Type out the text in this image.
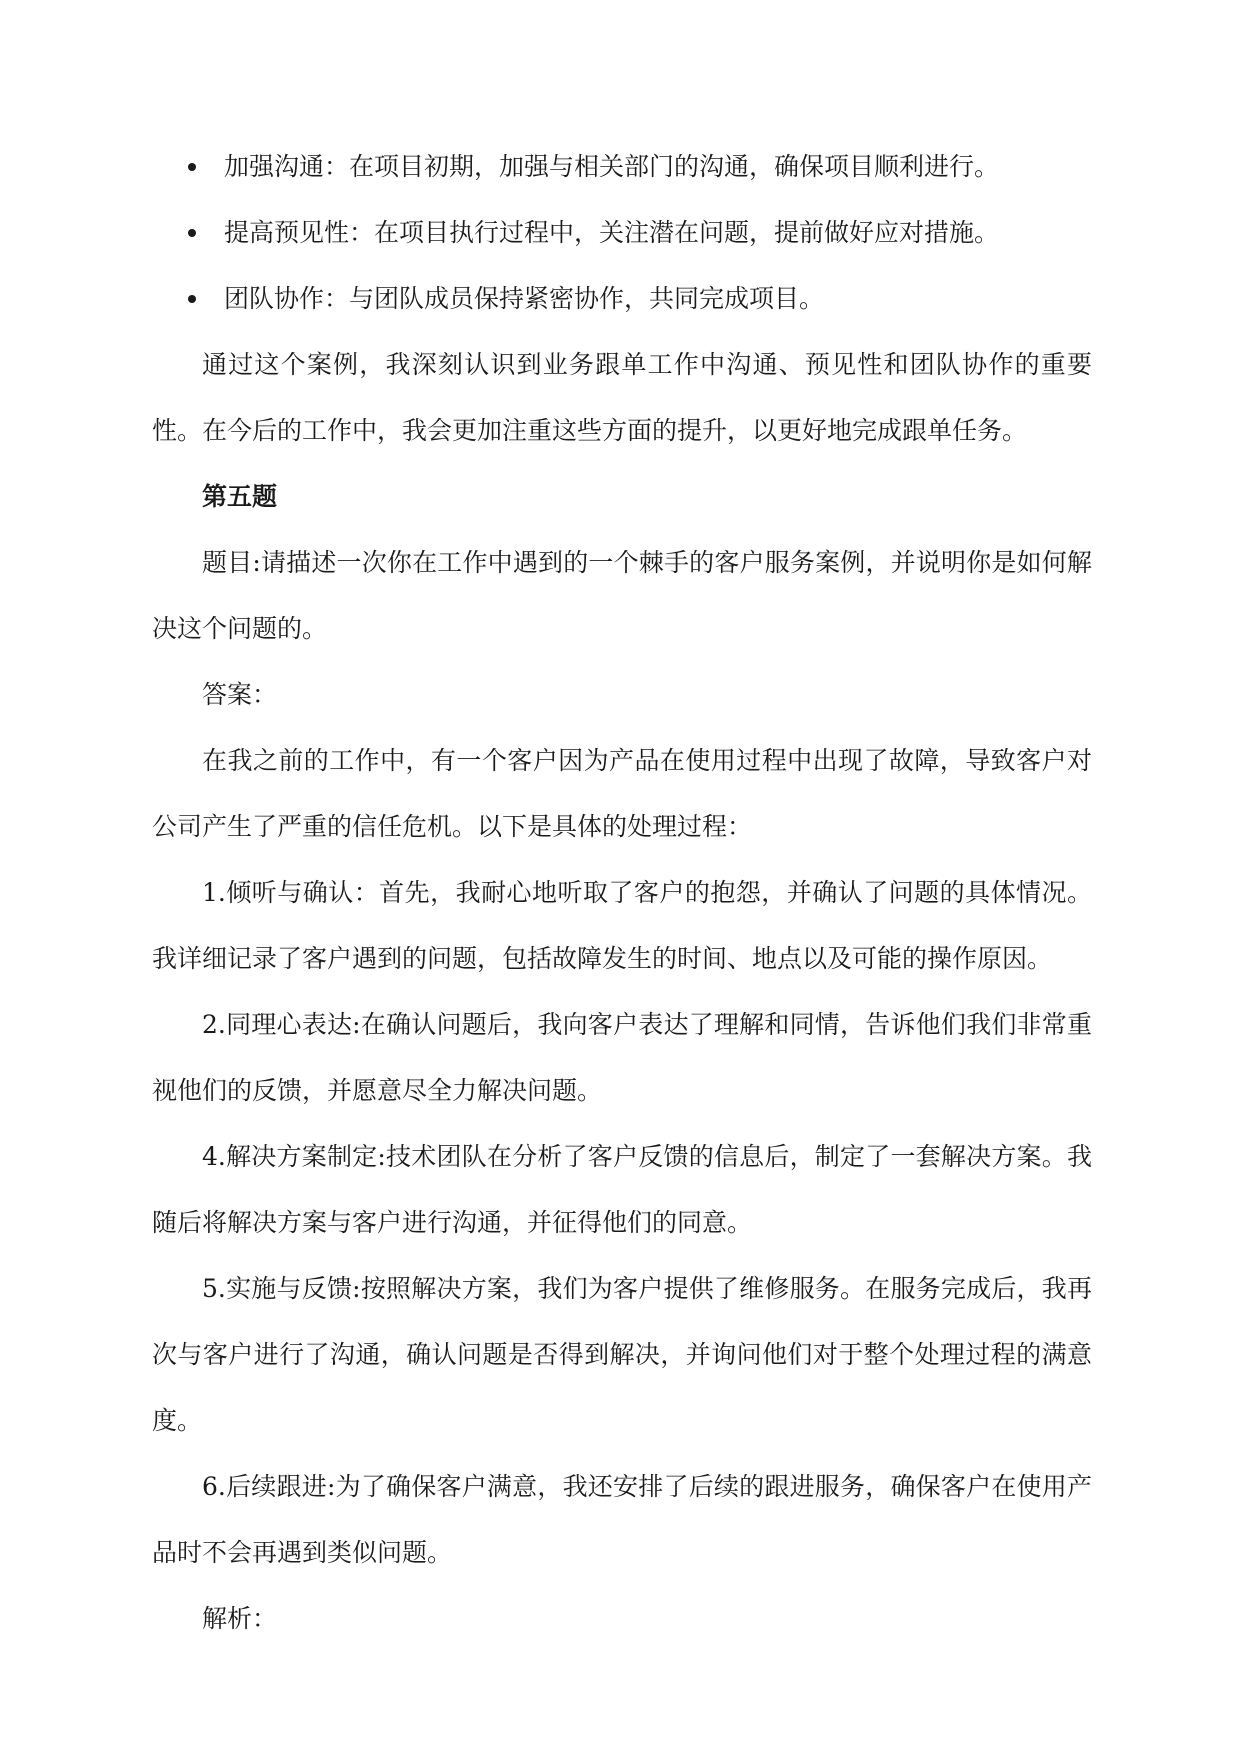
加强沟通：在项目初期，加强与相关部门的沟通，确保项目顺利进行。
提高预见性：在项目执行过程中，关注潜在问题，提前做好应对措施。
团队协作：与团队成员保持紧密协作，共同完成项目。

通过这个案例，我深刻认识到业务跟单工作中沟通、预见性和团队协作的重要性。在今后的工作中，我会更加注重这些方面的提升，以更好地完成跟单任务。

第五题

题目:请描述一次你在工作中遇到的一个棘手的客户服务案例，并说明你是如何解决这个问题的。

答案：

在我之前的工作中，有一个客户因为产品在使用过程中出现了故障，导致客户对公司产生了严重的信任危机。以下是具体的处理过程：

1.倾听与确认：首先，我耐心地听取了客户的抱怨，并确认了问题的具体情况。我详细记录了客户遇到的问题，包括故障发生的时间、地点以及可能的操作原因。

2.同理心表达:在确认问题后，我向客户表达了理解和同情，告诉他们我们非常重视他们的反馈，并愿意尽全力解决问题。

4.解决方案制定:技术团队在分析了客户反馈的信息后，制定了一套解决方案。我随后将解决方案与客户进行沟通，并征得他们的同意。

5.实施与反馈:按照解决方案，我们为客户提供了维修服务。在服务完成后，我再次与客户进行了沟通，确认问题是否得到解决，并询问他们对于整个处理过程的满意度。

6.后续跟进:为了确保客户满意，我还安排了后续的跟进服务，确保客户在使用产品时不会再遇到类似问题。

解析：
